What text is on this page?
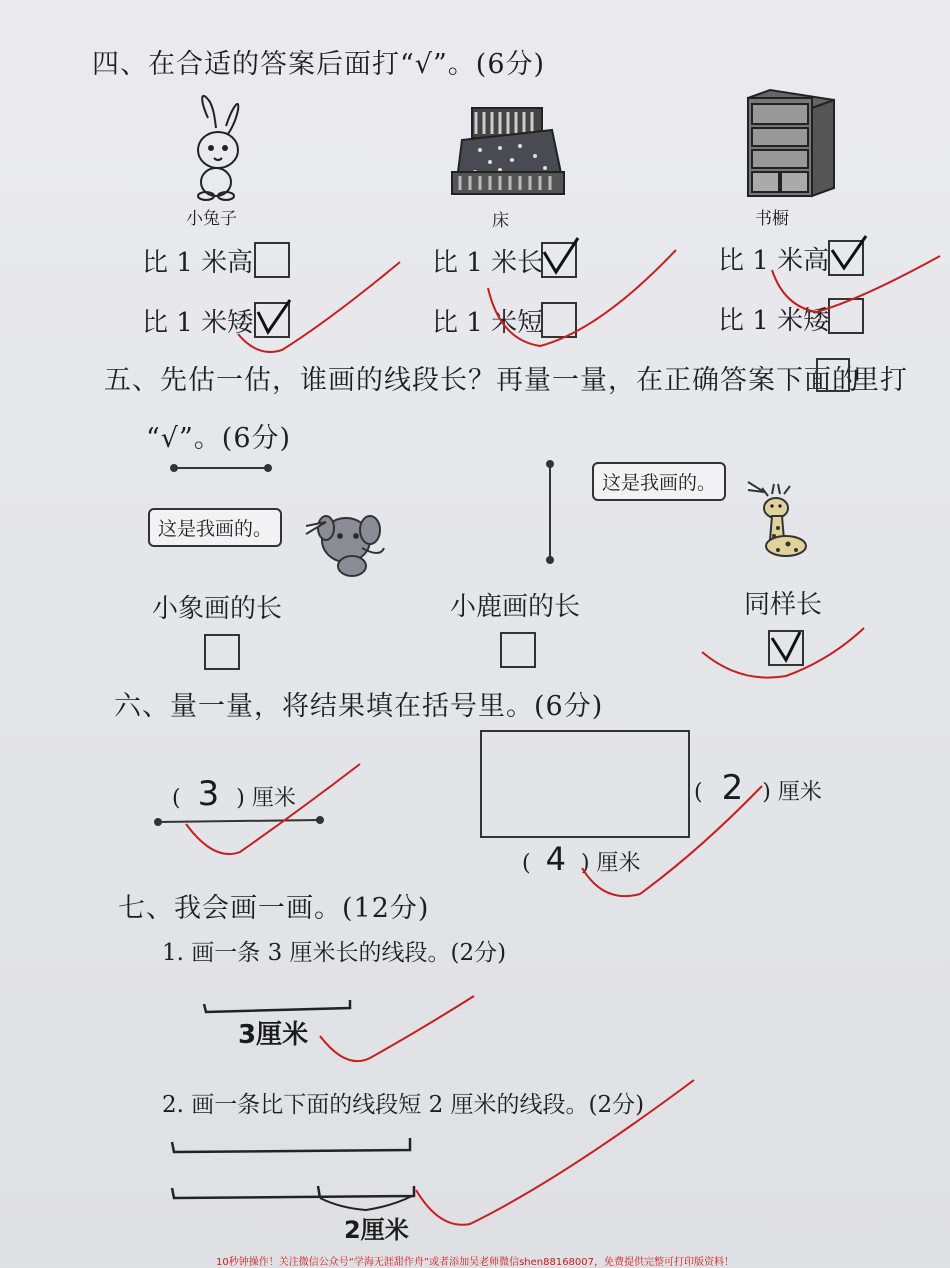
四、在合适的答案后面打“√”。(6分)
小兔子	床	书橱
比 1 米高
比 1 米矮
比 1 米长
比 1 米短
比 1 米高
比 1 米矮
五、先估一估，谁画的线段长？再量一量，在正确答案下面的
里打
“√”。(6分)
这是我画的。
这是我画的。
小象画的长	小鹿画的长	同样长
六、量一量，将结果填在括号里。(6分)
( 3 ) 厘米	( 2 ) 厘米
( 4 ) 厘米
七、我会画一画。(12分)
1. 画一条 3 厘米长的线段。(2分)
3厘米
2. 画一条比下面的线段短 2 厘米的线段。(2分)
2厘米
10秒钟操作！关注微信公众号“学海无涯甜作舟”或者添加吴老师微信shen88168007，免费提供完整可打印版资料！
